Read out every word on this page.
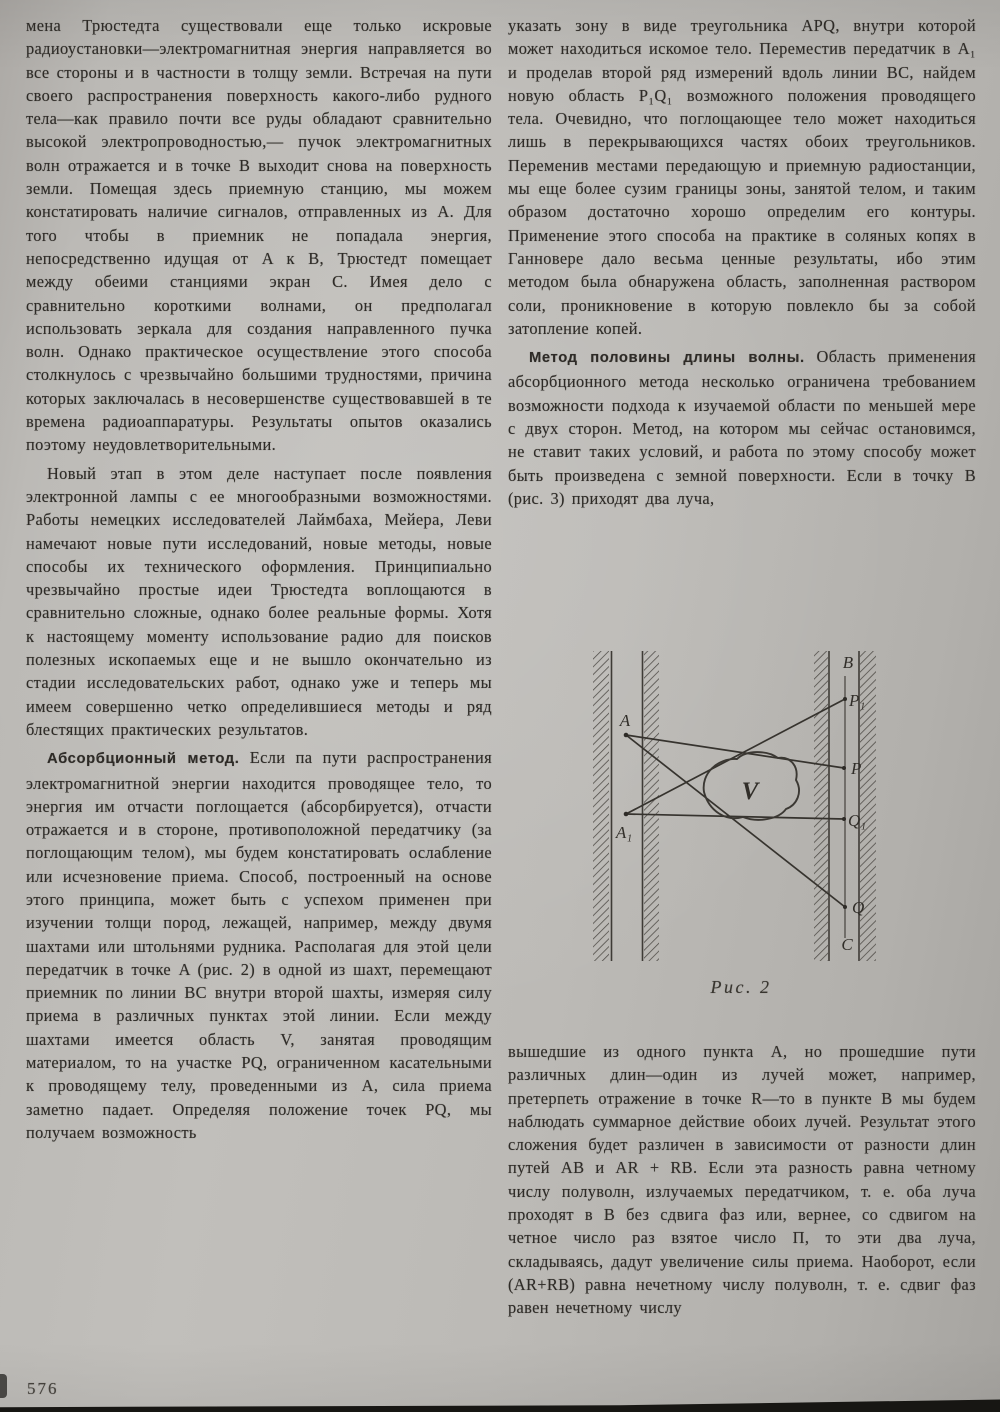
мена Трюстедта существовали еще только искровые радиоустановки—электромагнитная энергия направляется во все стороны и в частности в толщу земли. Встречая на пути своего распространения поверхность какого-либо рудного тела—как правило почти все руды обладают сравнительно высокой электропроводностью,— пучок электромагнитных волн отражается и в точке B выходит снова на поверхность земли. Помещая здесь приемную станцию, мы можем констатировать наличие сигналов, отправленных из A. Для того чтобы в приемник не попадала энергия, непосредственно идущая от A к B, Трюстедт помещает между обеими станциями экран C. Имея дело с сравнительно короткими волнами, он предполагал использовать зеркала для создания направленного пучка волн. Однако практическое осуществление этого способа столкнулось с чрезвычайно большими трудностями, причина которых заключалась в несовершенстве существовавшей в те времена радиоаппаратуры. Результаты опытов оказались поэтому неудовлетворительными.

Новый этап в этом деле наступает после появления электронной лампы с ее многообразными возможностями. Работы немецких исследователей Лаймбаха, Мейера, Леви намечают новые пути исследований, новые методы, новые способы их технического оформления. Принципиально чрезвычайно простые идеи Трюстедта воплощаются в сравнительно сложные, однако более реальные формы. Хотя к настоящему моменту использование радио для поисков полезных ископаемых еще и не вышло окончательно из стадии исследовательских работ, однако уже и теперь мы имеем совершенно четко определившиеся методы и ряд блестящих практических результатов.

Абсорбционный метод. Если па пути распространения электромагнитной энергии находится проводящее тело, то энергия им отчасти поглощается (абсорбируется), отчасти отражается и в стороне, противоположной передатчику (за поглощающим телом), мы будем констатировать ослабление или исчезновение приема. Способ, построенный на основе этого принципа, может быть с успехом применен при изучении толщи пород, лежащей, например, между двумя шахтами или штольнями рудника. Располагая для этой цели передатчик в точке A (рис. 2) в одной из шахт, перемещают приемник по линии BC внутри второй шахты, измеряя силу приема в различных пунктах этой линии. Если между шахтами имеется область V, занятая проводящим материалом, то на участке PQ, ограниченном касательными к проводящему телу, проведенными из A, сила приема заметно падает. Определяя положение точек PQ, мы получаем возможность

указать зону в виде треугольника APQ, внутри которой может находиться искомое тело. Переместив передатчик в A₁ и проделав второй ряд измерений вдоль линии BC, найдем новую область P₁Q₁ возможного положения проводящего тела. Очевидно, что поглощающее тело может находиться лишь в перекрывающихся частях обоих треугольников. Переменив местами передающую и приемную радиостанции, мы еще более сузим границы зоны, занятой телом, и таким образом достаточно хорошо определим его контуры. Применение этого способа на практике в соляных копях в Ганновере дало весьма ценные результаты, ибо этим методом была обнаружена область, заполненная раствором соли, проникновение в которую повлекло бы за собой затопление копей.

Метод половины длины волны. Область применения абсорбционного метода несколько ограничена требованием возможности подхода к изучаемой области по меньшей мере с двух сторон. Метод, на котором мы сейчас остановимся, не ставит таких условий, и работа по этому способу может быть произведена с земной поверхности. Если в точку B (рис. 3) приходят два луча,

A
A₁
B
P₁
P
Q₁
Q
C
V
Рис. 2

вышедшие из одного пункта A, но прошедшие пути различных длин—один из лучей может, например, претерпеть отражение в точке R—то в пункте B мы будем наблюдать суммарное действие обоих лучей. Результат этого сложения будет различен в зависимости от разности длин путей AB и AR + RB. Если эта разность равна четному числу полуволн, излучаемых передатчиком, т. е. оба луча проходят в B без сдвига фаз или, вернее, со сдвигом на четное число раз взятое число П, то эти два луча, складываясь, дадут увеличение силы приема. Наоборот, если (AR+RB) равна нечетному числу полуволн, т. е. сдвиг фаз равен нечетному числу

576
